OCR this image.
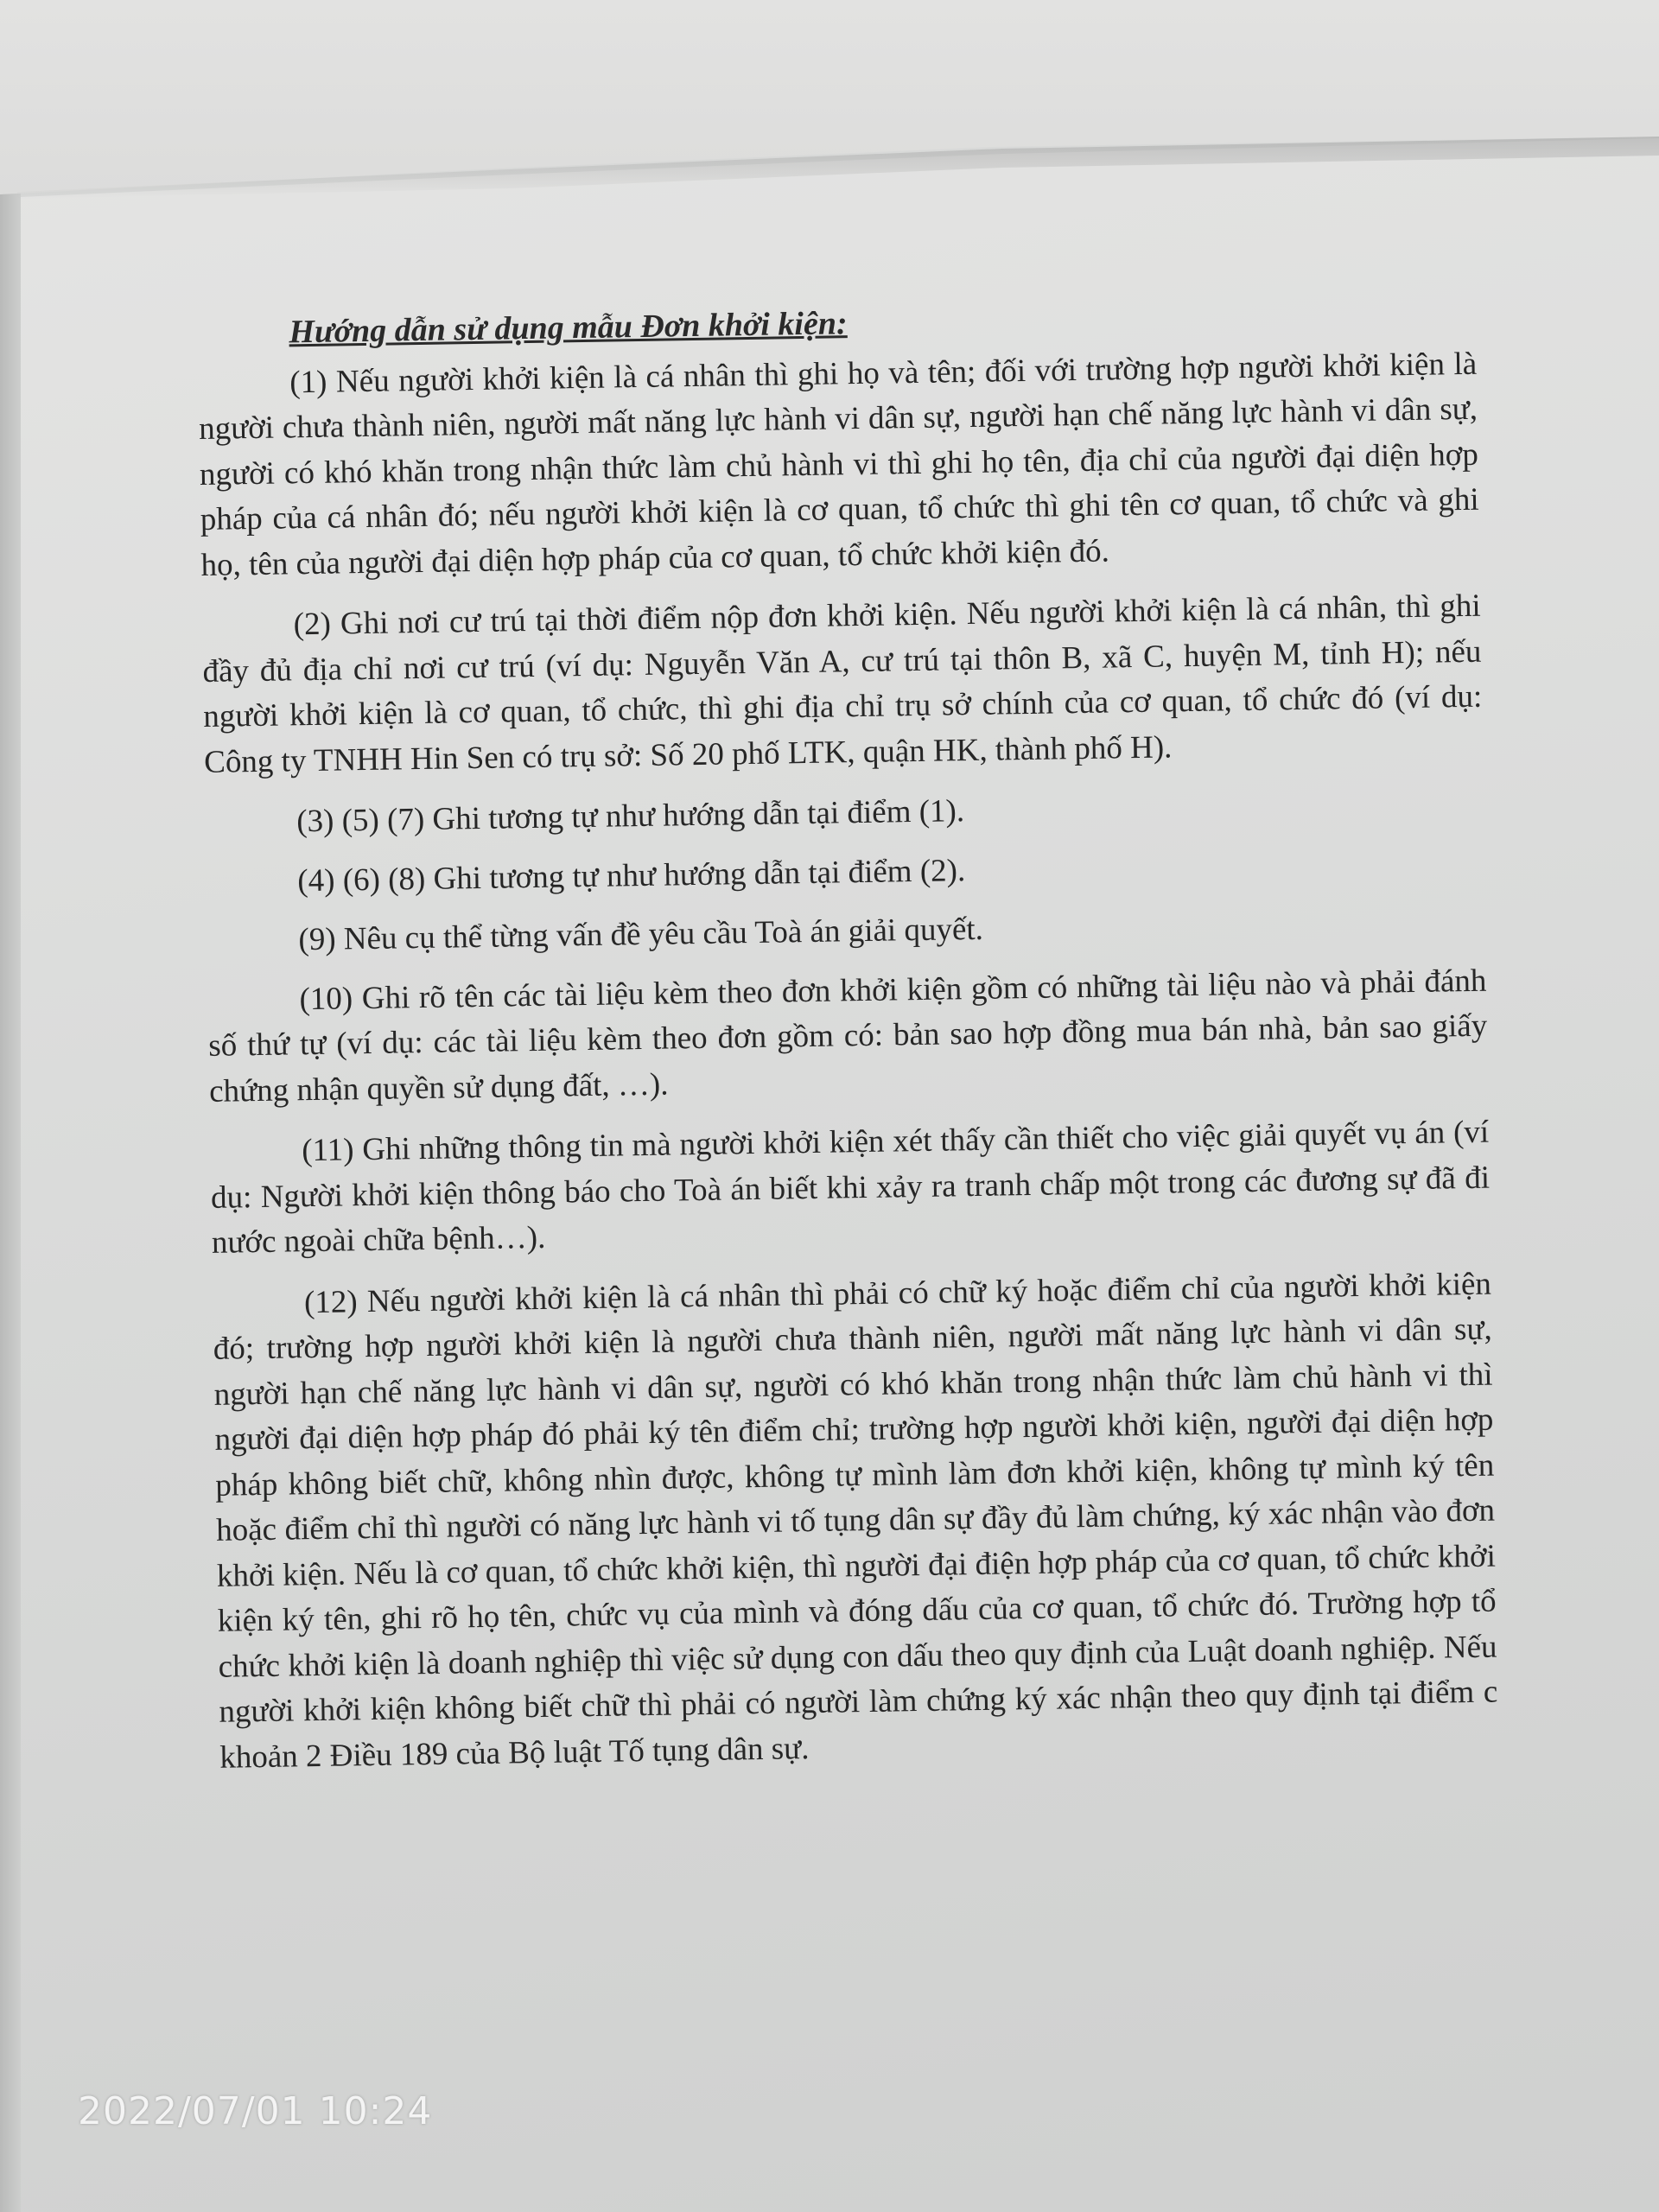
Hướng dẫn sử dụng mẫu Đơn khởi kiện:

(1) Nếu người khởi kiện là cá nhân thì ghi họ và tên; đối với trường hợp người khởi kiện là người chưa thành niên, người mất năng lực hành vi dân sự, người hạn chế năng lực hành vi dân sự, người có khó khăn trong nhận thức làm chủ hành vi thì ghi họ tên, địa chỉ của người đại diện hợp pháp của cá nhân đó; nếu người khởi kiện là cơ quan, tổ chức thì ghi tên cơ quan, tổ chức và ghi họ, tên của người đại diện hợp pháp của cơ quan, tổ chức khởi kiện đó.

(2) Ghi nơi cư trú tại thời điểm nộp đơn khởi kiện. Nếu người khởi kiện là cá nhân, thì ghi đầy đủ địa chỉ nơi cư trú (ví dụ: Nguyễn Văn A, cư trú tại thôn B, xã C, huyện M, tỉnh H); nếu người khởi kiện là cơ quan, tổ chức, thì ghi địa chỉ trụ sở chính của cơ quan, tổ chức đó (ví dụ: Công ty TNHH Hin Sen có trụ sở: Số 20 phố LTK, quận HK, thành phố H).

(3) (5) (7) Ghi tương tự như hướng dẫn tại điểm (1).

(4) (6) (8) Ghi tương tự như hướng dẫn tại điểm (2).

(9) Nêu cụ thể từng vấn đề yêu cầu Toà án giải quyết.

(10) Ghi rõ tên các tài liệu kèm theo đơn khởi kiện gồm có những tài liệu nào và phải đánh số thứ tự (ví dụ: các tài liệu kèm theo đơn gồm có: bản sao hợp đồng mua bán nhà, bản sao giấy chứng nhận quyền sử dụng đất, …).

(11) Ghi những thông tin mà người khởi kiện xét thấy cần thiết cho việc giải quyết vụ án (ví dụ: Người khởi kiện thông báo cho Toà án biết khi xảy ra tranh chấp một trong các đương sự đã đi nước ngoài chữa bệnh…).

(12) Nếu người khởi kiện là cá nhân thì phải có chữ ký hoặc điểm chỉ của người khởi kiện đó; trường hợp người khởi kiện là người chưa thành niên, người mất năng lực hành vi dân sự, người hạn chế năng lực hành vi dân sự, người có khó khăn trong nhận thức làm chủ hành vi thì người đại diện hợp pháp đó phải ký tên điểm chỉ; trường hợp người khởi kiện, người đại diện hợp pháp không biết chữ, không nhìn được, không tự mình làm đơn khởi kiện, không tự mình ký tên hoặc điểm chỉ thì người có năng lực hành vi tố tụng dân sự đầy đủ làm chứng, ký xác nhận vào đơn khởi kiện. Nếu là cơ quan, tổ chức khởi kiện, thì người đại điện hợp pháp của cơ quan, tổ chức khởi kiện ký tên, ghi rõ họ tên, chức vụ của mình và đóng dấu của cơ quan, tổ chức đó. Trường hợp tổ chức khởi kiện là doanh nghiệp thì việc sử dụng con dấu theo quy định của Luật doanh nghiệp. Nếu người khởi kiện không biết chữ thì phải có người làm chứng ký xác nhận theo quy định tại điểm c khoản 2 Điều 189 của Bộ luật Tố tụng dân sự.

2022/07/01 10:24
